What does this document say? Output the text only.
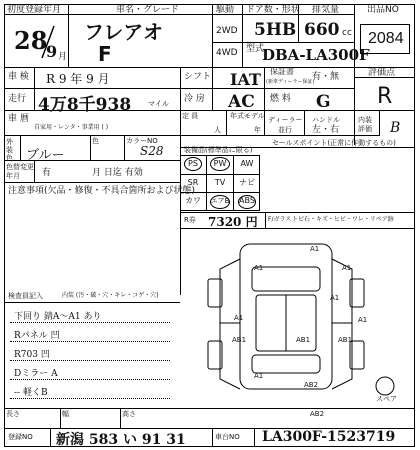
初度登録年月	車名・グレード	駆動 ドア数・形状 排気量	出品NO
2WD
4WD 型式
28
9 月
フレアオ
F
5HB 660 cc
DBA-LA300F
2084
車 検 R 9 年 9 月	シフト IAT 保証書
(新車ディーラー保証)
有・無	評価点
R
走行 4万8千938 マイル 冷 房 AC 燃 料 G
車 暦
自家用・レンタ・事業用 ( )
定 員
人
年式モデル
年
ディーラー
並行
ハンドル
左・右
内装
評価 B
外装色
色	カラーNO
ブルー	S28
色替変更
年月 有	月 日迄 有効
注意事項(欠品・修復・不具合箇所および状態)
装備品(標準品に限る)
セールスポイント(正常に作動するもの)
PS	PW	AW
SR	TV	ナビ
カワ	エアB	ABS
R券 7320 円 F/ガラス トビ石・キズ・ヒビ・ワレ・リペア跡
検査員記入	内装 (汚・破・穴・キレ・コゲ・穴)
下回り 錆A〜A1 あり
Rパネル 凹
R703 凹
Dミラー A
-- 軽くB
A1
A1	A1
A1
AB1
A1
A1
AB1	AB1
A1
AB2
AB2
スペア
長さ	幅	高さ
登録NO 新潟 583 い 91 31	車台NO LA300F-1523719
